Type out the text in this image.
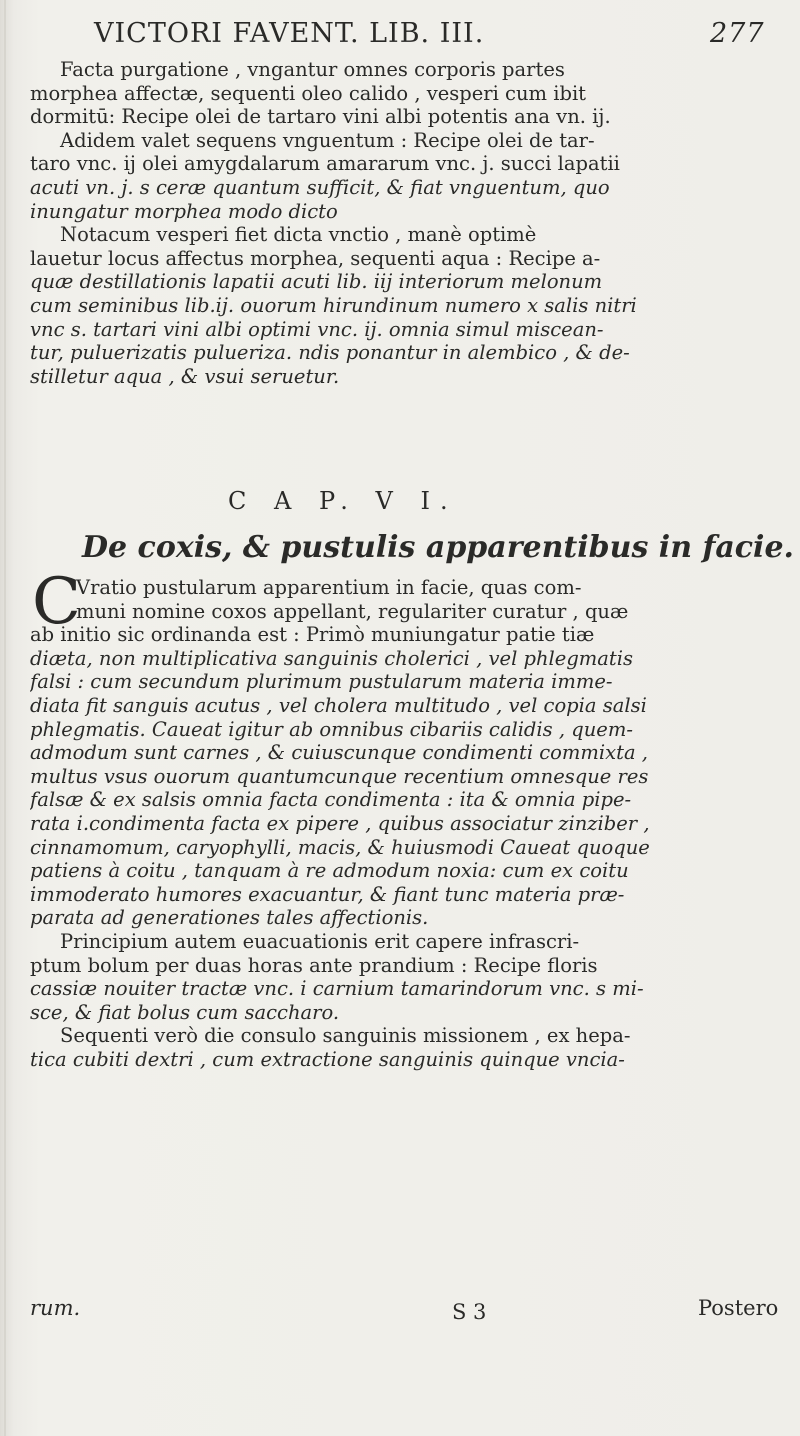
VICTORI FAVENT. LIB. III.	277
Facta purgatione , vngantur omnes corporis partes
morphea affectæ, sequenti oleo calido , vesperi cum ibit
dormitū: Recipe olei de tartaro vini albi potentis ana vn. ij.
Adidem valet sequens vnguentum : Recipe olei de tar-
taro vnc. ij olei amygdalarum amararum vnc. j. succi lapatii
acuti vn. j. s ceræ quantum sufficit, & fiat vnguentum, quo
inungatur morphea modo dicto
Notacum vesperi fiet dicta vnctio , manè optimè
lauetur locus affectus morphea, sequenti aqua : Recipe a-
quæ destillationis lapatii acuti lib. iij interiorum melonum
cum seminibus lib.ij. ouorum hirundinum numero x salis nitri
vnc s. tartari vini albi optimi vnc. ij. omnia simul miscean-
tur, puluerizatis pulueriza. ndis ponantur in alembico , & de-
stilletur aqua , & vsui seruetur.
C A P. V I.
De coxis, & pustulis apparentibus in facie.
C
Vratio pustularum apparentium in facie, quas com-
muni nomine coxos appellant, regulariter curatur , quæ
ab initio sic ordinanda est : Primò muniungatur patie tiæ
diæta, non multiplicativa sanguinis cholerici , vel phlegmatis
falsi : cum secundum plurimum pustularum materia imme-
diata fit sanguis acutus , vel cholera multitudo , vel copia salsi
phlegmatis. Caueat igitur ab omnibus cibariis calidis , quem-
admodum sunt carnes , & cuiuscunque condimenti commixta ,
multus vsus ouorum quantumcunque recentium omnesque res
falsæ & ex salsis omnia facta condimenta : ita & omnia pipe-
rata i.condimenta facta ex pipere , quibus associatur zinziber ,
cinnamomum, caryophylli, macis, & huiusmodi Caueat quoque
patiens à coitu , tanquam à re admodum noxia: cum ex coitu
immoderato humores exacuantur, & fiant tunc materia præ-
parata ad generationes tales affectionis.
Principium autem euacuationis erit capere infrascri-
ptum bolum per duas horas ante prandium : Recipe floris
cassiæ nouiter tractæ vnc. i carnium tamarindorum vnc. s mi-
sce, & fiat bolus cum saccharo.
Sequenti verò die consulo sanguinis missionem , ex hepa-
tica cubiti dextri , cum extractione sanguinis quinque vncia-
rum.	S 3	Postero
